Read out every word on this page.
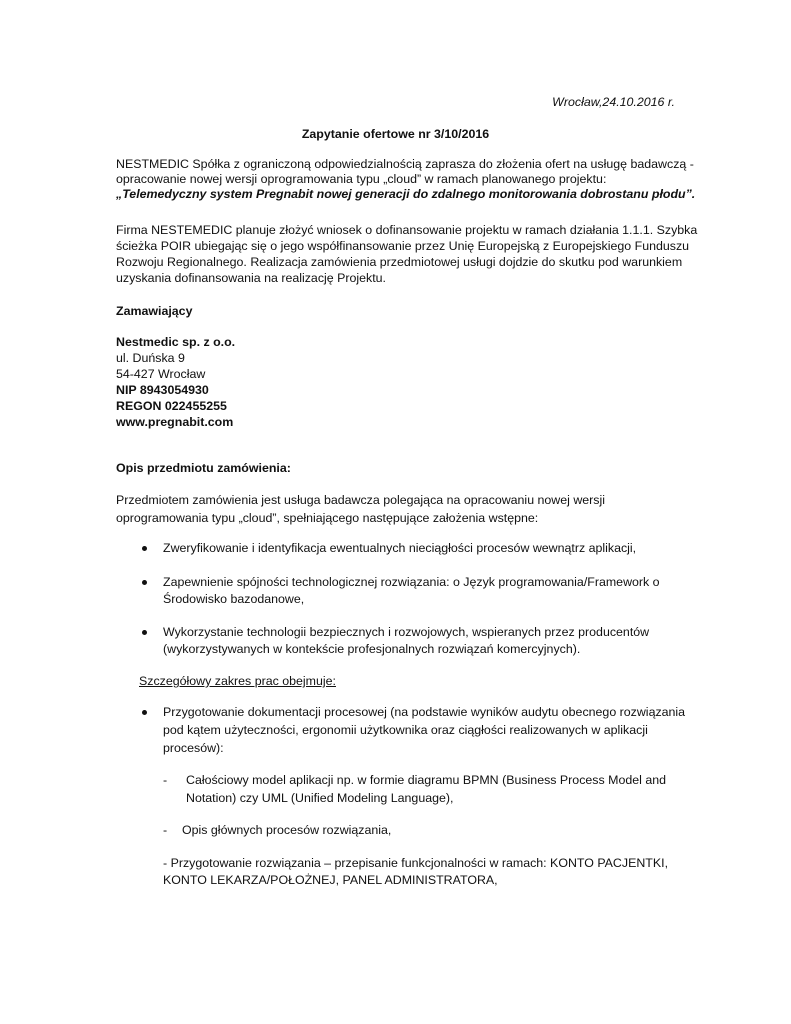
Wrocław,24.10.2016 r.
Zapytanie ofertowe nr 3/10/2016
NESTMEDIC Spółka z ograniczoną odpowiedzialnością zaprasza do złożenia ofert na usługę badawczą -
opracowanie nowej wersji oprogramowania typu „cloud” w ramach planowanego projektu:
„Telemedyczny system Pregnabit nowej generacji do zdalnego monitorowania dobrostanu płodu”.
Firma NESTEMEDIC planuje złożyć wniosek o dofinansowanie projektu w ramach działania 1.1.1. Szybka
ścieżka POIR ubiegając się o jego współfinansowanie przez Unię Europejską z Europejskiego Funduszu
Rozwoju Regionalnego. Realizacja zamówienia przedmiotowej usługi dojdzie do skutku pod warunkiem
uzyskania dofinansowania na realizację Projektu.
Zamawiający
Nestmedic sp. z o.o.
ul. Duńska 9
54-427 Wrocław
NIP 8943054930
REGON 022455255
www.pregnabit.com
Opis przedmiotu zamówienia:
Przedmiotem zamówienia jest usługa badawcza polegająca na opracowaniu nowej wersji
oprogramowania typu „cloud”, spełniającego następujące założenia wstępne:
Zweryfikowanie i identyfikacja ewentualnych nieciągłości procesów wewnątrz aplikacji,
Zapewnienie spójności technologicznej rozwiązania: o Język programowania/Framework o
Środowisko bazodanowe,
Wykorzystanie technologii bezpiecznych i rozwojowych, wspieranych przez producentów
(wykorzystywanych w kontekście profesjonalnych rozwiązań komercyjnych).
Szczegółowy zakres prac obejmuje:
Przygotowanie dokumentacji procesowej (na podstawie wyników audytu obecnego rozwiązania
pod kątem użyteczności, ergonomii użytkownika oraz ciągłości realizowanych w aplikacji
procesów):
- Całościowy model aplikacji np. w formie diagramu BPMN (Business Process Model and
Notation) czy UML (Unified Modeling Language),
- Opis głównych procesów rozwiązania,
- Przygotowanie rozwiązania – przepisanie funkcjonalności w ramach: KONTO PACJENTKI,
KONTO LEKARZA/POŁOŻNEJ, PANEL ADMINISTRATORA,
